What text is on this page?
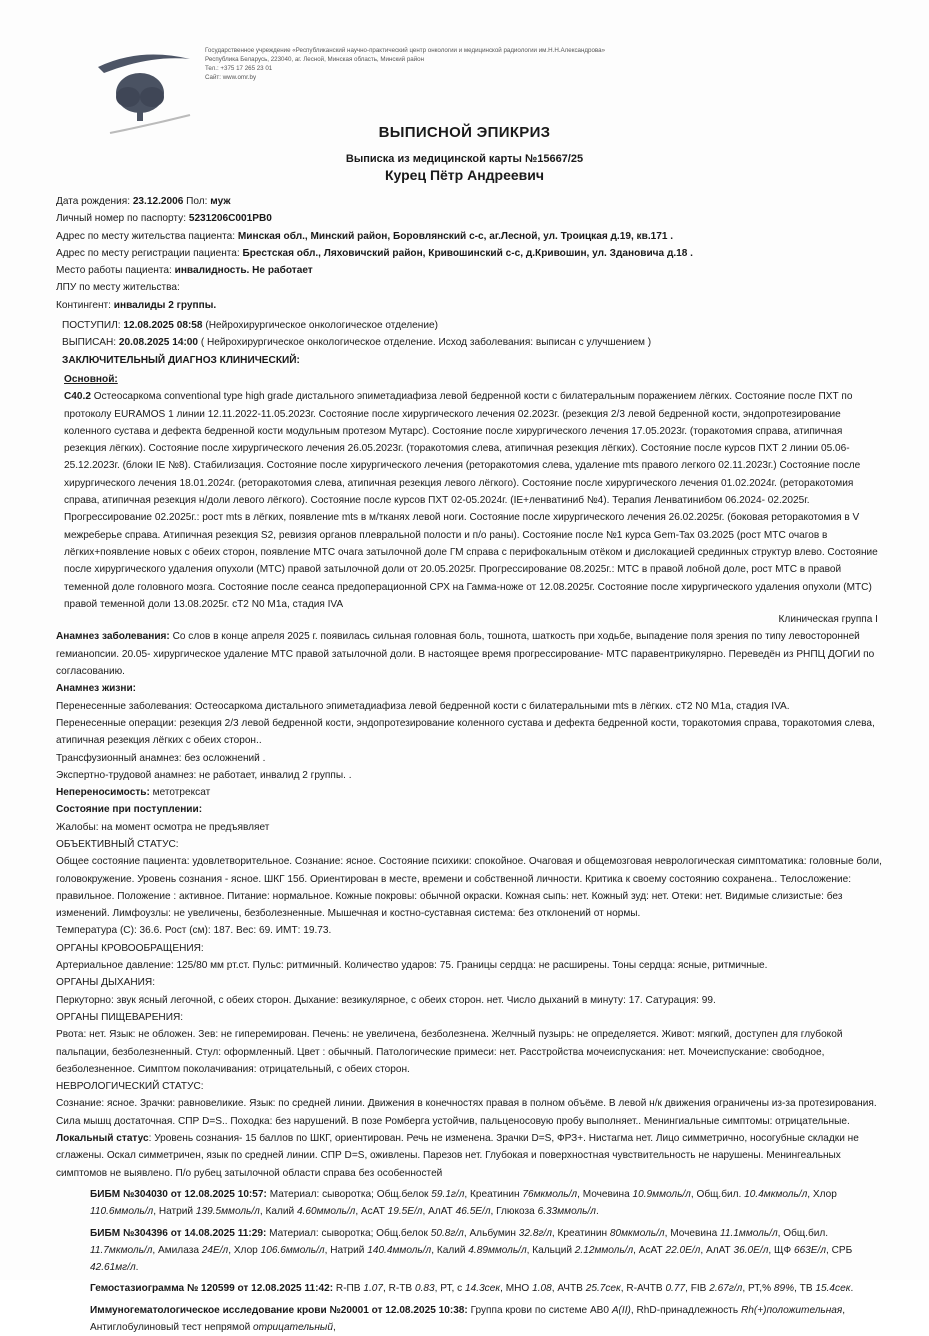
Государственное учреждение «Республиканский научно-практический центр онкологии и медицинской радиологии им.Н.Н.Александрова»
Республика Беларусь, 223040, аг. Лесной, Минская область, Минский район
Тел.: +375 17 265 23 01
Сайт: www.omr.by
ВЫПИСНОЙ ЭПИКРИЗ
Выписка из медицинской карты №15667/25
Курец Пётр Андреевич

Дата рождения: 23.12.2006 Пол: муж

Личный номер по паспорту: 5231206C001PB0

Адрес по месту жительства пациента: Минская обл., Минский район, Боровлянский с-с, аг.Лесной, ул. Троицкая д.19, кв.171 .

Адрес по месту регистрации пациента: Брестская обл., Ляховичский район, Кривошинский с-с, д.Кривошин, ул. Здановича д.18 .

Место работы пациента: инвалидность. Не работает

ЛПУ по месту жительства:

Контингент: инвалиды 2 группы.

ПОСТУПИЛ: 12.08.2025 08:58 (Нейрохирургическое онкологическое отделение)

ВЫПИСАН: 20.08.2025 14:00 ( Нейрохирургическое онкологическое отделение. Исход заболевания: выписан с улучшением )

ЗАКЛЮЧИТЕЛЬНЫЙ ДИАГНОЗ КЛИНИЧЕСКИЙ:

Основной:

C40.2 Остеосаркома conventional type high grade дистального эпиметадиафиза левой бедренной кости с билатеральным поражением лёгких. Состояние после ПХТ по протоколу EURAMOS 1 линии 12.11.2022-11.05.2023г. Состояние после хирургического лечения 02.2023г. (резекция 2/3 левой бедренной кости, эндопротезирование коленного сустава и дефекта бедренной кости модульным протезом Мутарс). Состояние после хирургического лечения 17.05.2023г. (торакотомия справа, атипичная резекция лёгких). Состояние после хирургического лечения 26.05.2023г. (торакотомия слева, атипичная резекция лёгких). Состояние после курсов ПХТ 2 линии 05.06-25.12.2023г. (блоки IE №8). Стабилизация. Состояние после хирургического лечения (реторакотомия слева, удаление mts правого легкого 02.11.2023г.) Состояние после хирургического лечения 18.01.2024г. (реторакотомия слева, атипичная резекция левого лёгкого). Состояние после хирургического лечения 01.02.2024г. (реторакотомия справа, атипичная резекция н/доли левого лёгкого). Состояние после курсов ПХТ 02-05.2024г. (IE+ленватиниб №4). Терапия Ленватинибом 06.2024- 02.2025г. Прогрессирование 02.2025г.: рост mts в лёгких, появление mts в м/тканях левой ноги. Состояние после хирургического лечения 26.02.2025г. (боковая реторакотомия в V межреберье справа. Атипичная резекция S2, ревизия органов плевральной полости и п/о раны). Состояние после №1 курса Gem-Tax 03.2025 (рост МТС очагов в лёгких+появление новых с обеих сторон, появление МТС очага затылочной доле ГМ справа с перифокальным отёком и дислокацией срединных структур влево. Состояние после хирургического удаления опухоли (МТС) правой затылочной доли от 20.05.2025г. Прогрессирование 08.2025г.: МТС в правой лобной доле, рост МТС в правой теменной доле головного мозга. Состояние после сеанса предоперационной СРХ на Гамма-ноже от 12.08.2025г. Состояние после хирургического удаления опухоли (МТС) правой теменной доли 13.08.2025г. cT2 N0 M1a, стадия IVA

Клиническая группа I

Анамнез заболевания: Со слов в конце апреля 2025 г. появилась сильная головная боль, тошнота, шаткость при ходьбе, выпадение поля зрения по типу левосторонней гемианопсии. 20.05- хирургическое удаление МТС правой затылочной доли. В настоящее время прогрессирование- МТС паравентрикулярно. Переведён из РНПЦ ДОГиИ по согласованию.

Анамнез жизни:

Перенесенные заболевания: Остеосаркома дистального эпиметадиафиза левой бедренной кости с билатеральными mts в лёгких. cT2 N0 M1a, стадия IVA.

Перенесенные операции: резекция 2/3 левой бедренной кости, эндопротезирование коленного сустава и дефекта бедренной кости, торакотомия справа, торакотомия слева, атипичная резекция лёгких с обеих сторон..

Трансфузионный анамнез: без осложнений .

Экспертно-трудовой анамнез: не работает, инвалид 2 группы. .

Непереносимость: метотрексат

Состояние при поступлении:

Жалобы: на момент осмотра не предъявляет

ОБЪЕКТИВНЫЙ СТАТУС:

Общее состояние пациента: удовлетворительное. Сознание: ясное. Состояние психики: спокойное. Очаговая и общемозговая неврологическая симптоматика: головные боли, головокружение. Уровень сознания - ясное. ШКГ 15б. Ориентирован в месте, времени и собственной личности. Критика к своему состоянию сохранена.. Телосложение: правильное. Положение : активное. Питание: нормальное. Кожные покровы: обычной окраски. Кожная сыпь: нет. Кожный зуд: нет. Отеки: нет. Видимые слизистые: без изменений. Лимфоузлы: не увеличены, безболезненные. Мышечная и костно-суставная система: без отклонений от нормы.

Температура (С): 36.6. Рост (см): 187. Вес: 69. ИМТ: 19.73.

ОРГАНЫ КРОВООБРАЩЕНИЯ:

Артериальное давление: 125/80 мм рт.ст. Пульс: ритмичный. Количество ударов: 75. Границы сердца: не расширены. Тоны сердца: ясные, ритмичные.

ОРГАНЫ ДЫХАНИЯ:

Перкуторно: звук ясный легочной, с обеих сторон. Дыхание: везикулярное, с обеих сторон. нет. Число дыханий в минуту: 17. Сатурация: 99.

ОРГАНЫ ПИЩЕВАРЕНИЯ:

Рвота: нет. Язык: не обложен. Зев: не гиперемирован. Печень: не увеличена, безболезнена. Желчный пузырь: не определяется. Живот: мягкий, доступен для глубокой пальпации, безболезненный. Стул: оформленный. Цвет : обычный. Патологические примеси: нет. Расстройства мочеиспускания: нет. Мочеиспускание: свободное, безболезненное. Симптом поколачивания: отрицательный, с обеих сторон.

НЕВРОЛОГИЧЕСКИЙ СТАТУС:

Сознание: ясное. Зрачки: равновеликие. Язык: по средней линии. Движения в конечностях правая в полном объёме. В левой н/к движения ограничены из-за протезирования. Сила мышц достаточная. СПР D=S.. Походка: без нарушений. В позе Ромберга устойчив, пальценосовую пробу выполняет.. Менингиальные симптомы: отрицательные.

Локальный статус: Уровень сознания- 15 баллов по ШКГ, ориентирован. Речь не изменена. Зрачки D=S, ФРЗ+. Нистагма нет. Лицо симметрично, носогубные складки не сглажены. Оскал симметричен, язык по средней линии. СПР D=S, оживлены. Парезов нет. Глубокая и поверхностная чувствительность не нарушены. Менингеальных симптомов не выявлено. П/о рубец затылочной области справа без особенностей

БИБМ №304030 от 12.08.2025 10:57: Материал: сыворотка; Общ.белок 59.1г/л, Креатинин 76мкмоль/л, Мочевина 10.9ммоль/л, Общ.бил. 10.4мкмоль/л, Хлор 110.6ммоль/л, Натрий 139.5ммоль/л, Калий 4.60ммоль/л, АсАТ 19.5Е/л, АлАТ 46.5Е/л, Глюкоза 6.33ммоль/л.

БИБМ №304396 от 14.08.2025 11:29: Материал: сыворотка; Общ.белок 50.8г/л, Альбумин 32.8г/л, Креатинин 80мкмоль/л, Мочевина 11.1ммоль/л, Общ.бил. 11.7мкмоль/л, Амилаза 24Е/л, Хлор 106.6ммоль/л, Натрий 140.4ммоль/л, Калий 4.89ммоль/л, Кальций 2.12ммоль/л, АсАТ 22.0Е/л, АлАТ 36.0Е/л, ЩФ 663Е/л, СРБ 42.61мг/л.

Гемостазиограмма № 120599 от 12.08.2025 11:42: R-ПВ 1.07, R-ТВ 0.83, РТ, с 14.3сек, МНО 1.08, АЧТВ 25.7сек, R-АЧТВ 0.77, FIB 2.67г/л, РТ,% 89%, ТВ 15.4сек.

Иммуногематологическое исследование крови №20001 от 12.08.2025 10:38: Группа крови по системе АВ0 A(II), RhD-принадлежность Rh(+)положительная, Антиглобулиновый тест непрямой отрицательный,
